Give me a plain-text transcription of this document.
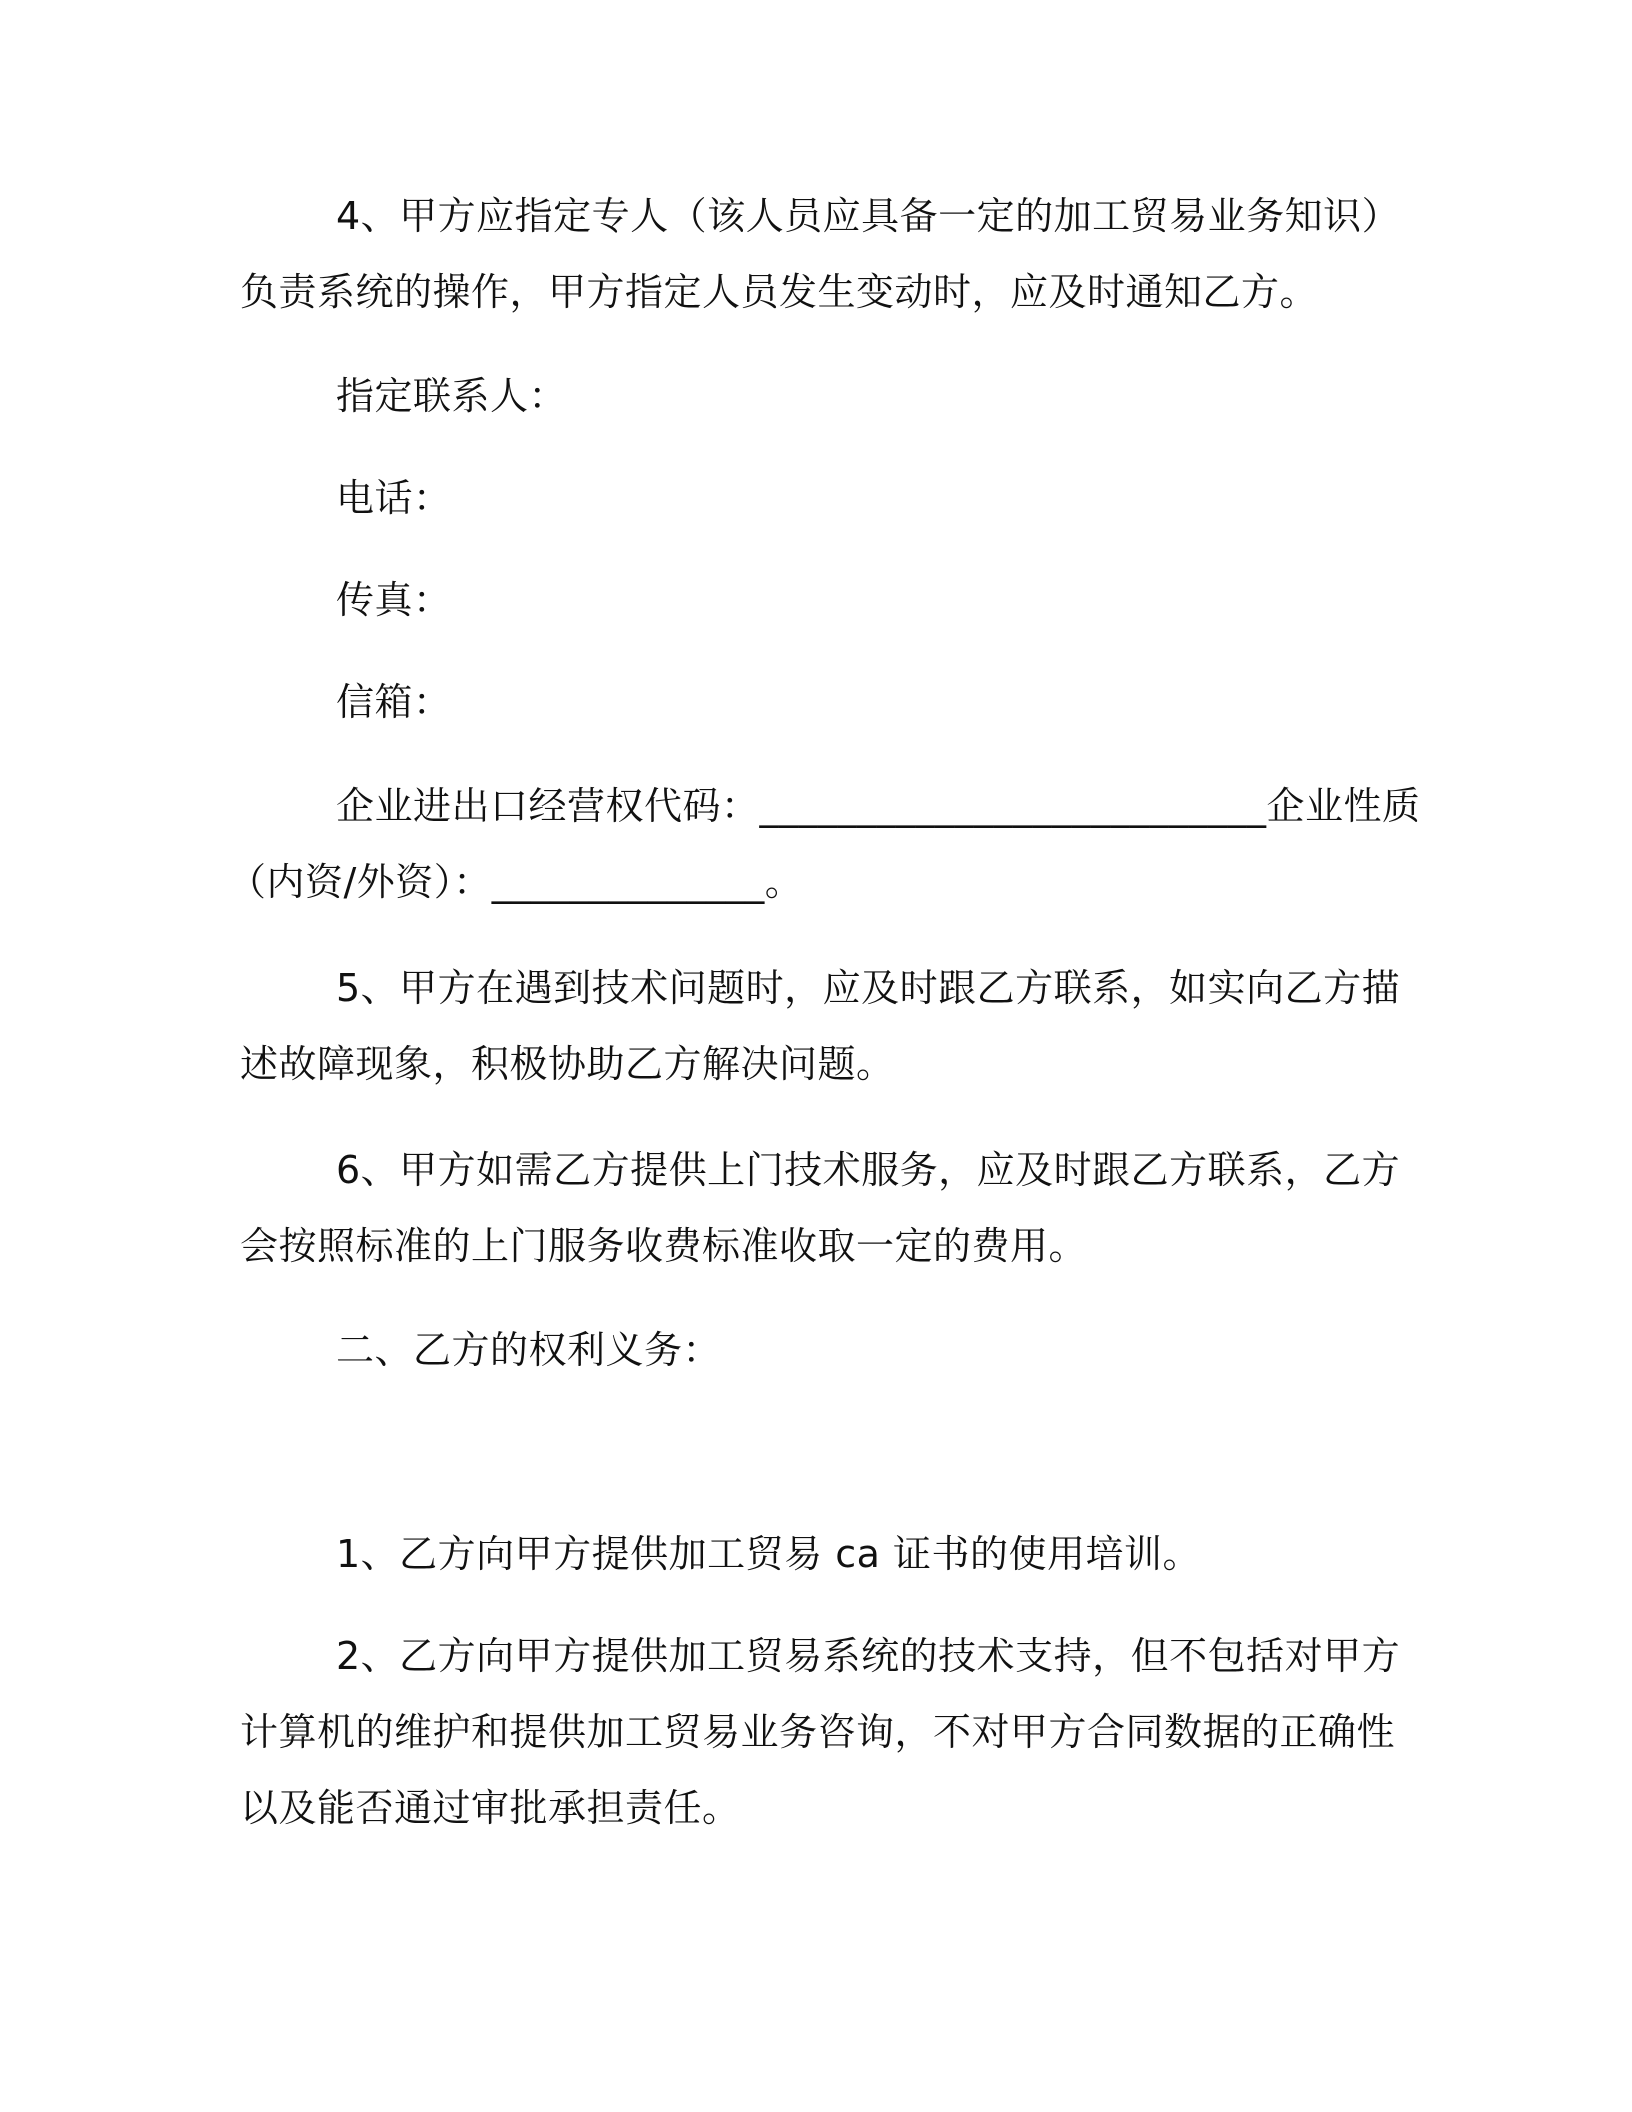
4、甲方应指定专人（该人员应具备一定的加工贸易业务知识）
负责系统的操作，甲方指定人员发生变动时，应及时通知乙方。
指定联系人：
电话：
传真：
信箱：
企业进出口经营权代码：__________________________企业性质
（内资/外资）：______________。
5、甲方在遇到技术问题时，应及时跟乙方联系，如实向乙方描
述故障现象，积极协助乙方解决问题。
6、甲方如需乙方提供上门技术服务，应及时跟乙方联系，乙方
会按照标准的上门服务收费标准收取一定的费用。
二、乙方的权利义务：
1、乙方向甲方提供加工贸易 ca 证书的使用培训。
2、乙方向甲方提供加工贸易系统的技术支持，但不包括对甲方
计算机的维护和提供加工贸易业务咨询，不对甲方合同数据的正确性
以及能否通过审批承担责任。
